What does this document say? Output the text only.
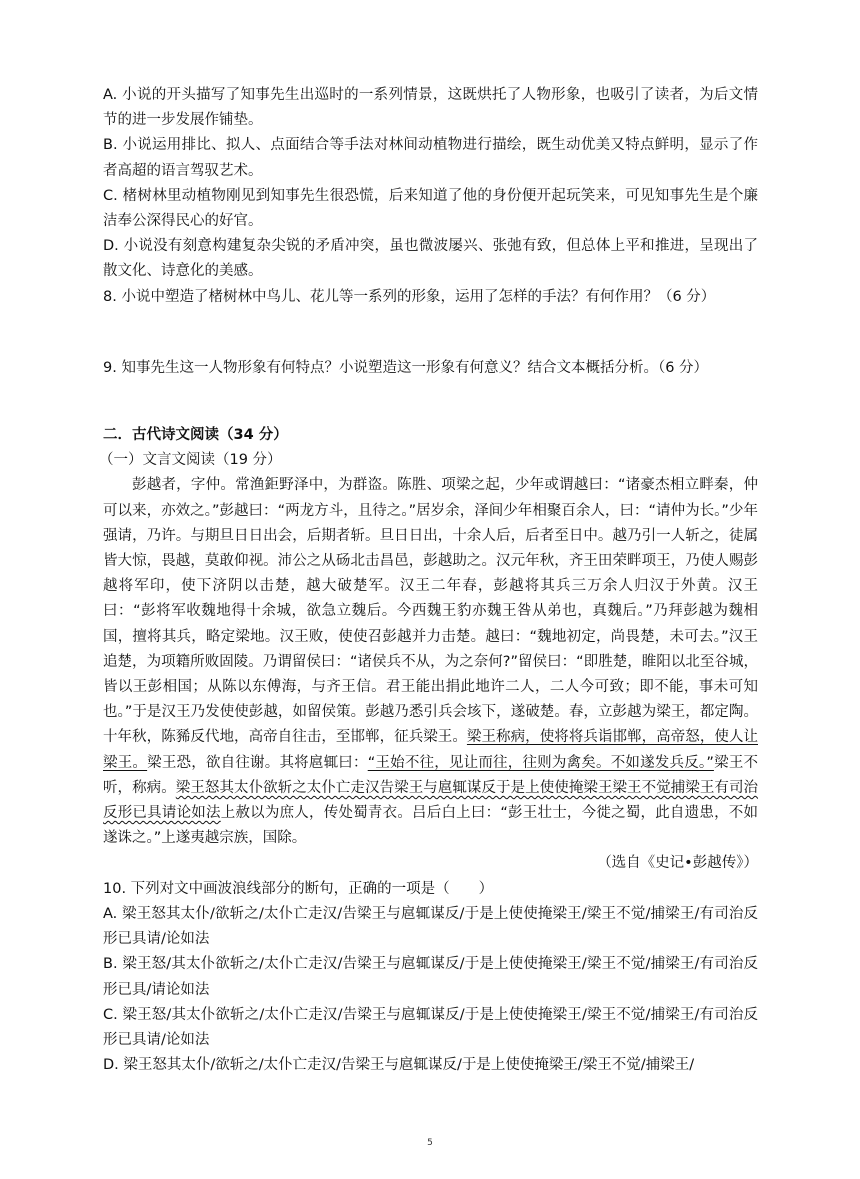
A. 小说的开头描写了知事先生出巡时的一系列情景，这既烘托了人物形象，也吸引了读者，为后文情节的进一步发展作铺垫。

B. 小说运用排比、拟人、点面结合等手法对林间动植物进行描绘，既生动优美又特点鲜明，显示了作者高超的语言驾驭艺术。

C. 楮树林里动植物刚见到知事先生很恐慌，后来知道了他的身份便开起玩笑来，可见知事先生是个廉洁奉公深得民心的好官。

D. 小说没有刻意构建复杂尖锐的矛盾冲突，虽也微波屡兴、张弛有致，但总体上平和推进，呈现出了散文化、诗意化的美感。

8. 小说中塑造了楮树林中鸟儿、花儿等一系列的形象，运用了怎样的手法？有何作用？（6 分）

9. 知事先生这一人物形象有何特点？小说塑造这一形象有何意义？结合文本概括分析。（6 分）

二．古代诗文阅读（34 分）

（一）文言文阅读（19 分）

彭越者，字仲。常渔鉅野泽中，为群盗。陈胜、项梁之起，少年或谓越曰：“诸豪杰相立畔秦，仲可以来，亦效之。”彭越曰：“两龙方斗，且待之。”居岁余，泽间少年相聚百余人，曰：“请仲为长。”少年强请，乃许。与期旦日日出会，后期者斩。旦日日出，十余人后，后者至日中。越乃引一人斩之，徒属皆大惊，畏越，莫敢仰视。沛公之从砀北击昌邑，彭越助之。汉元年秋，齐王田荣畔项王，乃使人赐彭越将军印，使下济阴以击楚，越大破楚军。汉王二年春，彭越将其兵三万余人归汉于外黄。汉王曰：“彭将军收魏地得十余城，欲急立魏后。今西魏王豹亦魏王咎从弟也，真魏后。”乃拜彭越为魏相国，擅将其兵，略定梁地。汉王败，使使召彭越并力击楚。越曰：“魏地初定，尚畏楚，未可去。”汉王追楚，为项籍所败固陵。乃谓留侯曰：“诸侯兵不从，为之奈何?”留侯曰：“即胜楚，睢阳以北至谷城，皆以王彭相国；从陈以东傅海，与齐王信。君王能出捐此地许二人，二人今可致；即不能，事未可知也。”于是汉王乃发使使彭越，如留侯策。彭越乃悉引兵会垓下，遂破楚。春，立彭越为梁王，都定陶。十年秋，陈豨反代地，高帝自往击，至邯郸，征兵梁王。梁王称病，使将将兵诣邯郸，高帝怒，使人让梁王。梁王恐，欲自往谢。其将扈辄曰：“王始不往，见让而往，往则为禽矣。不如遂发兵反。”梁王不听，称病。梁王怒其太仆欲斩之太仆亡走汉告梁王与扈辄谋反于是上使使掩梁王梁王不觉捕梁王有司治反形已具请论如法上赦以为庶人，传处蜀青衣。吕后白上曰：“彭王壮士，今徙之蜀，此自遗患，不如遂诛之。”上遂夷越宗族，国除。

（选自《史记•彭越传》）

10. 下列对文中画波浪线部分的断句，正确的一项是（　　）

A. 梁王怒其太仆/欲斩之/太仆亡走汉/告梁王与扈辄谋反/于是上使使掩梁王/梁王不觉/捕梁王/有司治反形已具请/论如法

B. 梁王怒/其太仆欲斩之/太仆亡走汉/告梁王与扈辄谋反/于是上使使掩梁王/梁王不觉/捕梁王/有司治反形已具/请论如法

C. 梁王怒/其太仆欲斩之/太仆亡走汉/告梁王与扈辄谋反/于是上使使掩梁王/梁王不觉/捕梁王/有司治反形已具请/论如法

D. 梁王怒其太仆/欲斩之/太仆亡走汉/告梁王与扈辄谋反/于是上使使掩梁王/梁王不觉/捕梁王/

5
